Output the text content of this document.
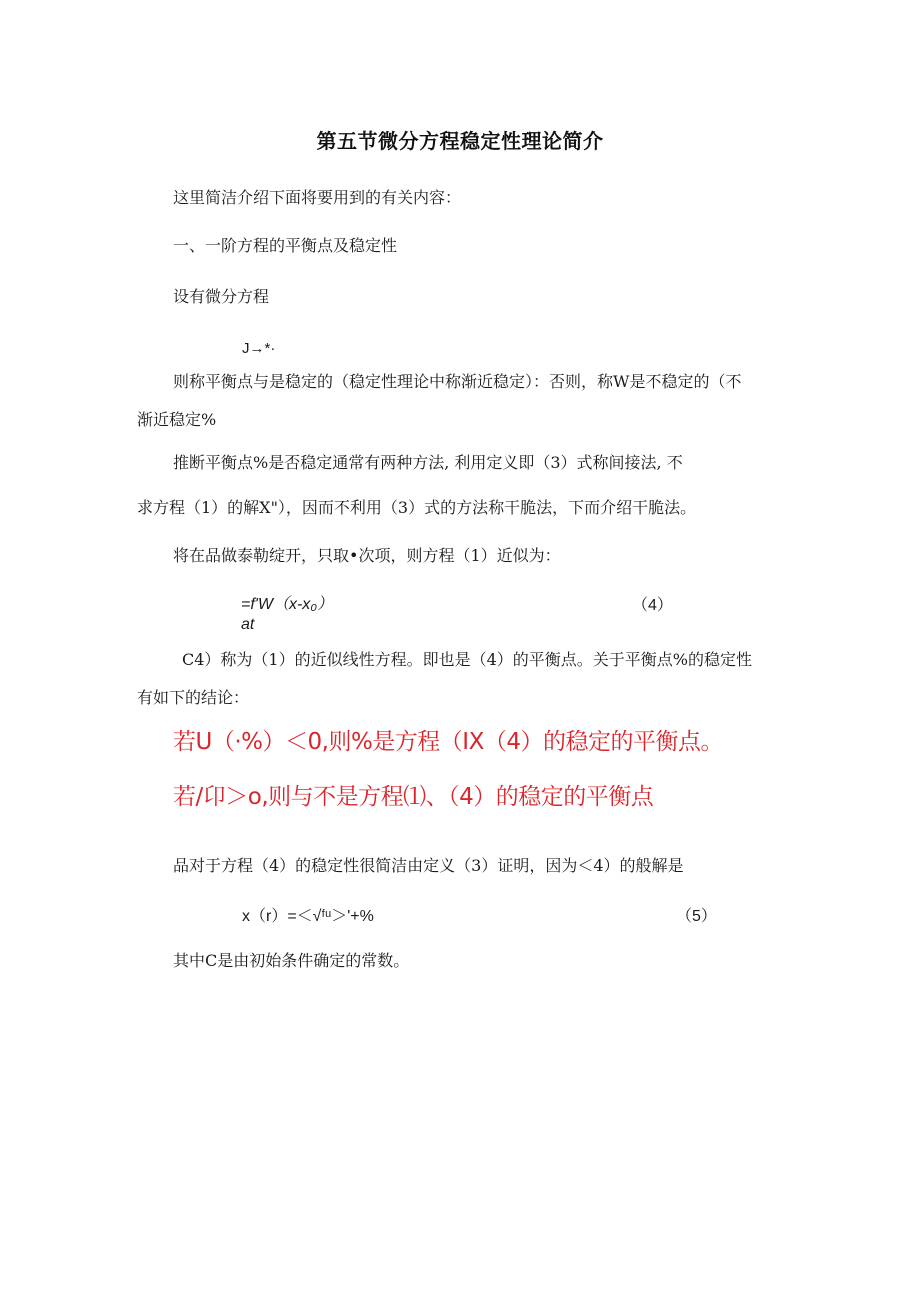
第五节微分方程稳定性理论简介
这里简洁介绍下面将要用到的有关内容：
一、一阶方程的平衡点及稳定性
设有微分方程
J→*·
则称平衡点与是稳定的（稳定性理论中称渐近稳定）：否则，称W是不稳定的（不
渐近稳定%
推断平衡点%是否稳定通常有两种方法, 利用定义即（3）式称间接法, 不
求方程（1）的解X"），因而不利用（3）式的方法称干脆法，下而介绍干脆法。
将在品做泰勒绽开，只取•次项，则方程（1）近似为：
=f'W（x-x₀）
at
（4）
C4）称为（1）的近似线性方程。即也是（4）的平衡点。关于平衡点%的稳定性
有如下的结论：
若U（·%）＜0,则%是方程（IX（4）的稳定的平衡点。
若/卬＞o,则与不是方程⑴、（4）的稳定的平衡点
品对于方程（4）的稳定性很简洁由定义（3）证明，因为＜4）的般解是
x（r）=＜√ᶠᵘ＞'+%	（5）
其中C是由初始条件确定的常数。
